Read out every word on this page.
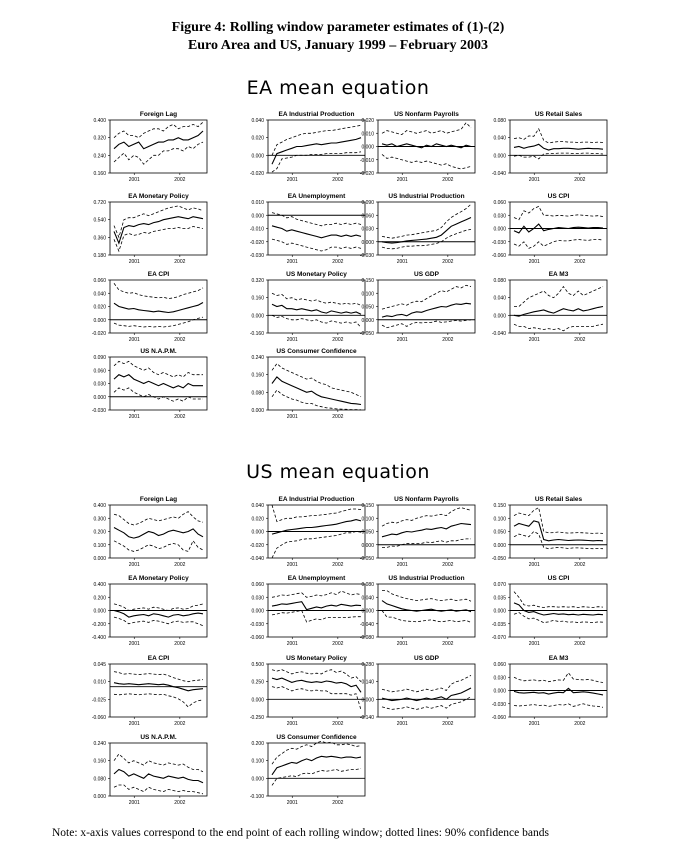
Figure 4: Rolling window parameter estimates of (1)-(2)
Euro Area and US, January 1999 – February 2003
EA mean equation
US mean equation
Foreign Lag
0.400
0.320
0.240
0.160
2001	2002
EA Industrial Production
0.040
0.020
0.000
-0.020
2001	2002
US Nonfarm Payrolls
0.020
0.010
0.000
-0.010
-0.020
2001	2002
US Retail Sales
0.080
0.040
0.000
-0.040
2001	2002
EA Monetary Policy
0.720
0.540
0.360
0.180
2001	2002
EA Unemployment
0.010
0.000
-0.010
-0.020
-0.030
2001	2002
US Industrial Production
0.090
0.060
0.030
0.000
-0.030
2001	2002
US CPI
0.060
0.030
0.000
-0.030
-0.060
2001	2002
EA CPI
0.060
0.040
0.020
0.000
-0.020
2001	2002
US Monetary Policy
0.320
0.160
0.000
-0.160
2001	2002
US GDP
0.150
0.100
0.050
0.000
-0.050
2001	2002
EA M3
0.080
0.040
0.000
-0.040
2001	2002
US N.A.P.M.
0.090
0.060
0.030
0.000
-0.030
2001	2002
US Consumer Confidence
0.240
0.160
0.080
0.000
2001	2002
Foreign Lag
0.400
0.300
0.200
0.100
0.000
2001	2002
EA Industrial Production
0.040
0.020
0.000
-0.020
-0.040
2001	2002
US Nonfarm Payrolls
0.150
0.100
0.050
0.000
-0.050
2001	2002
US Retail Sales
0.150
0.100
0.050
0.000
-0.050
2001	2002
EA Monetary Policy
0.400
0.200
0.000
-0.200
-0.400
2001	2002
EA Unemployment
0.060
0.030
0.000
-0.030
-0.060
2001	2002
US Industrial Production
0.080
0.040
0.000
-0.040
-0.080
2001	2002
US CPI
0.070
0.035
0.000
-0.035
-0.070
2001	2002
EA CPI
0.045
0.010
-0.025
-0.060
2001	2002
US Monetary Policy
0.500
0.250
0.000
-0.250
2001	2002
US GDP
0.280
0.140
0.000
-0.140
2001	2002
EA M3
0.060
0.030
0.000
-0.030
-0.060
2001	2002
US N.A.P.M.
0.240
0.160
0.080
0.000
2001	2002
US Consumer Confidence
0.200
0.100
0.000
-0.100
2001	2002
Note: x-axis values correspond to the end point of each rolling window; dotted lines: 90% confidence bands
